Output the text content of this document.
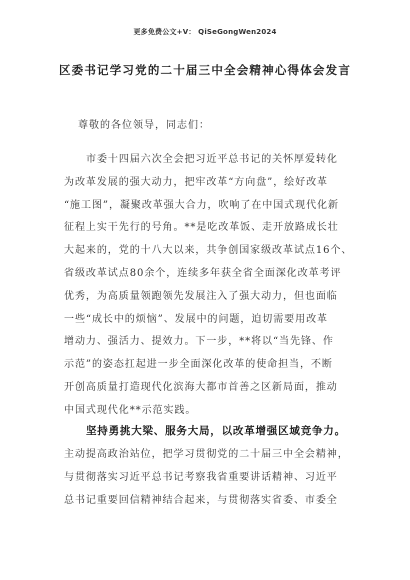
更多免费公文+V： QiSeGongWen2024
区委书记学习党的二十届三中全会精神心得体会发言
尊敬的各位领导，同志们：
市委十四届六次全会把习近平总书记的关怀厚爱转化
为改革发展的强大动力，把牢改革“方向盘”，绘好改革
“施工图”，凝聚改革强大合力，吹响了在中国式现代化新
征程上实干先行的号角。**是吃改革饭、走开放路成长壮
大起来的，党的十八大以来，共争创国家级改革试点16个、
省级改革试点80余个，连续多年获全省全面深化改革考评
优秀，为高质量领跑领先发展注入了强大动力，但也面临
一些“成长中的烦恼”、发展中的问题，迫切需要用改革
增动力、强活力、提效力。下一步，**将以“当先锋、作
示范”的姿态扛起进一步全面深化改革的使命担当，不断
开创高质量打造现代化滨海大都市首善之区新局面，推动
中国式现代化**示范实践。
坚持勇挑大梁、服务大局，以改革增强区域竞争力。
主动提高政治站位，把学习贯彻党的二十届三中全会精神，
与贯彻落实习近平总书记考察我省重要讲话精神、习近平
总书记重要回信精神结合起来，与贯彻落实省委、市委全
